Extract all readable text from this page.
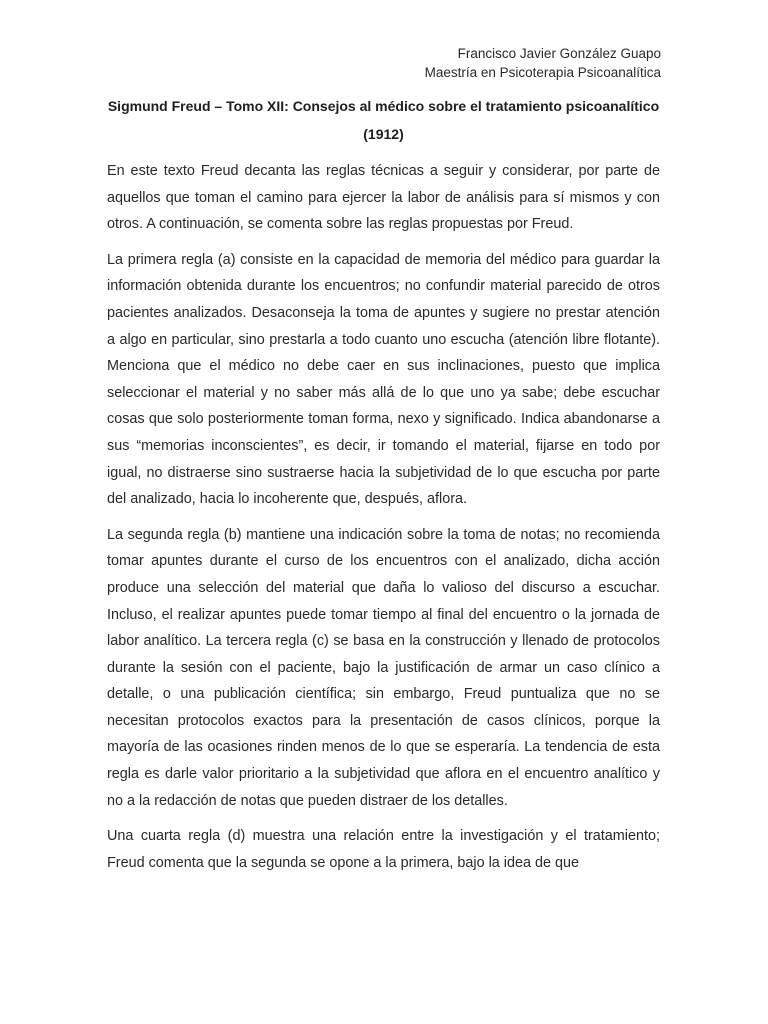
Francisco Javier González Guapo
Maestría en Psicoterapia Psicoanalítica
Sigmund Freud – Tomo XII: Consejos al médico sobre el tratamiento psicoanalítico (1912)

En este texto Freud decanta las reglas técnicas a seguir y considerar, por parte de aquellos que toman el camino para ejercer la labor de análisis para sí mismos y con otros. A continuación, se comenta sobre las reglas propuestas por Freud.

La primera regla (a) consiste en la capacidad de memoria del médico para guardar la información obtenida durante los encuentros; no confundir material parecido de otros pacientes analizados. Desaconseja la toma de apuntes y sugiere no prestar atención a algo en particular, sino prestarla a todo cuanto uno escucha (atención libre flotante). Menciona que el médico no debe caer en sus inclinaciones, puesto que implica seleccionar el material y no saber más allá de lo que uno ya sabe; debe escuchar cosas que solo posteriormente toman forma, nexo y significado. Indica abandonarse a sus “memorias inconscientes”, es decir, ir tomando el material, fijarse en todo por igual, no distraerse sino sustraerse hacia la subjetividad de lo que escucha por parte del analizado, hacia lo incoherente que, después, aflora.

La segunda regla (b) mantiene una indicación sobre la toma de notas; no recomienda tomar apuntes durante el curso de los encuentros con el analizado, dicha acción produce una selección del material que daña lo valioso del discurso a escuchar. Incluso, el realizar apuntes puede tomar tiempo al final del encuentro o la jornada de labor analítico. La tercera regla (c) se basa en la construcción y llenado de protocolos durante la sesión con el paciente, bajo la justificación de armar un caso clínico a detalle, o una publicación científica; sin embargo, Freud puntualiza que no se necesitan protocolos exactos para la presentación de casos clínicos, porque la mayoría de las ocasiones rinden menos de lo que se esperaría. La tendencia de esta regla es darle valor prioritario a la subjetividad que aflora en el encuentro analítico y no a la redacción de notas que pueden distraer de los detalles.

Una cuarta regla (d) muestra una relación entre la investigación y el tratamiento; Freud comenta que la segunda se opone a la primera, bajo la idea de que
